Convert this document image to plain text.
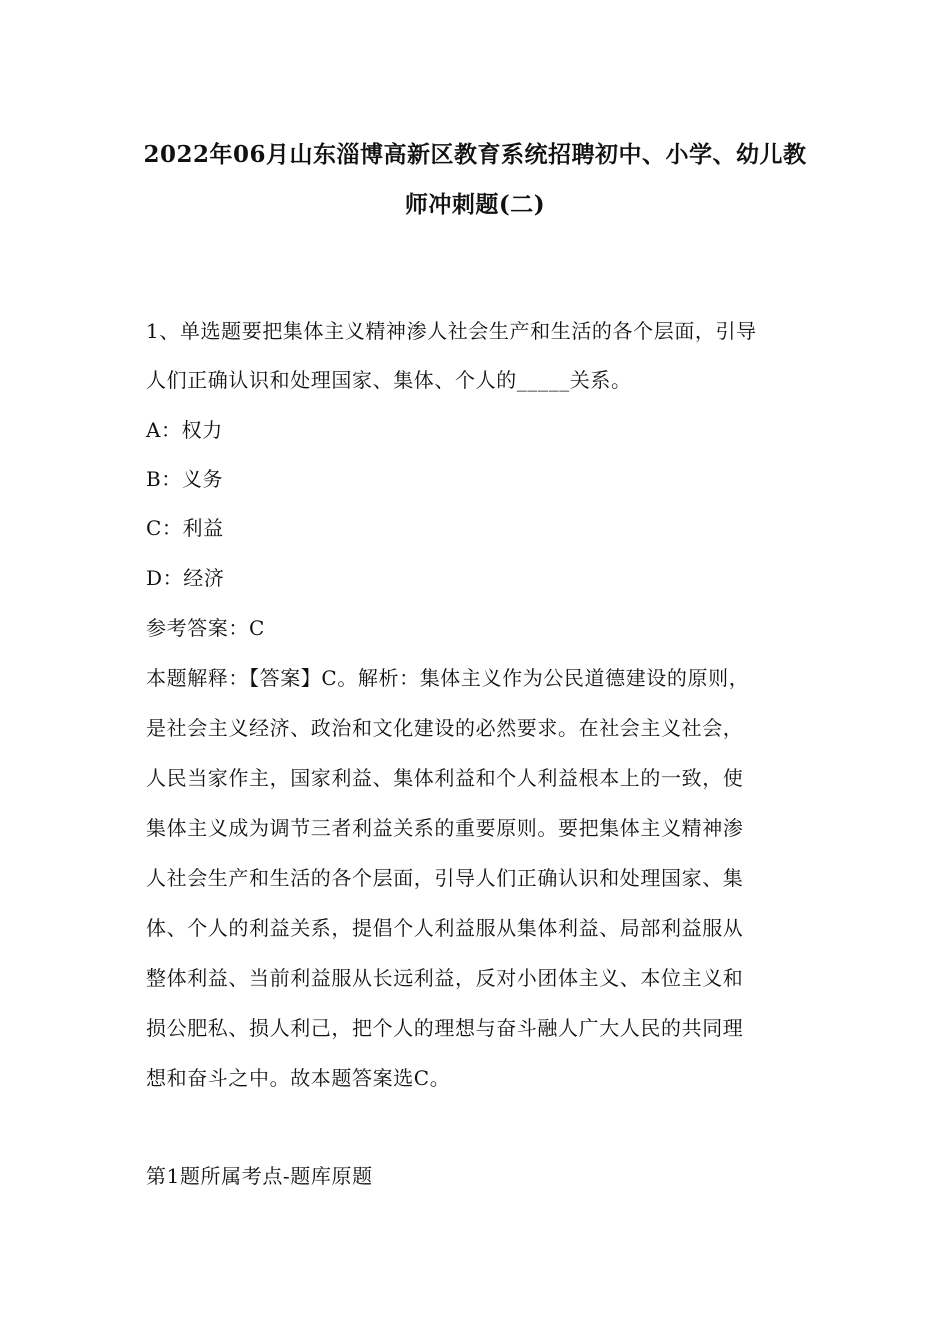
2022年06月山东淄博高新区教育系统招聘初中、小学、幼儿教
师冲刺题(二)
1、单选题要把集体主义精神渗人社会生产和生活的各个层面，引导
人们正确认识和处理国家、集体、个人的_____关系。
A：权力
B：义务
C：利益
D：经济
参考答案：C
本题解释：【答案】C。解析：集体主义作为公民道德建设的原则，
是社会主义经济、政治和文化建设的必然要求。在社会主义社会，
人民当家作主，国家利益、集体利益和个人利益根本上的一致，使
集体主义成为调节三者利益关系的重要原则。要把集体主义精神渗
人社会生产和生活的各个层面，引导人们正确认识和处理国家、集
体、个人的利益关系，提倡个人利益服从集体利益、局部利益服从
整体利益、当前利益服从长远利益，反对小团体主义、本位主义和
损公肥私、损人利己，把个人的理想与奋斗融人广大人民的共同理
想和奋斗之中。故本题答案选C。
第1题所属考点-题库原题
